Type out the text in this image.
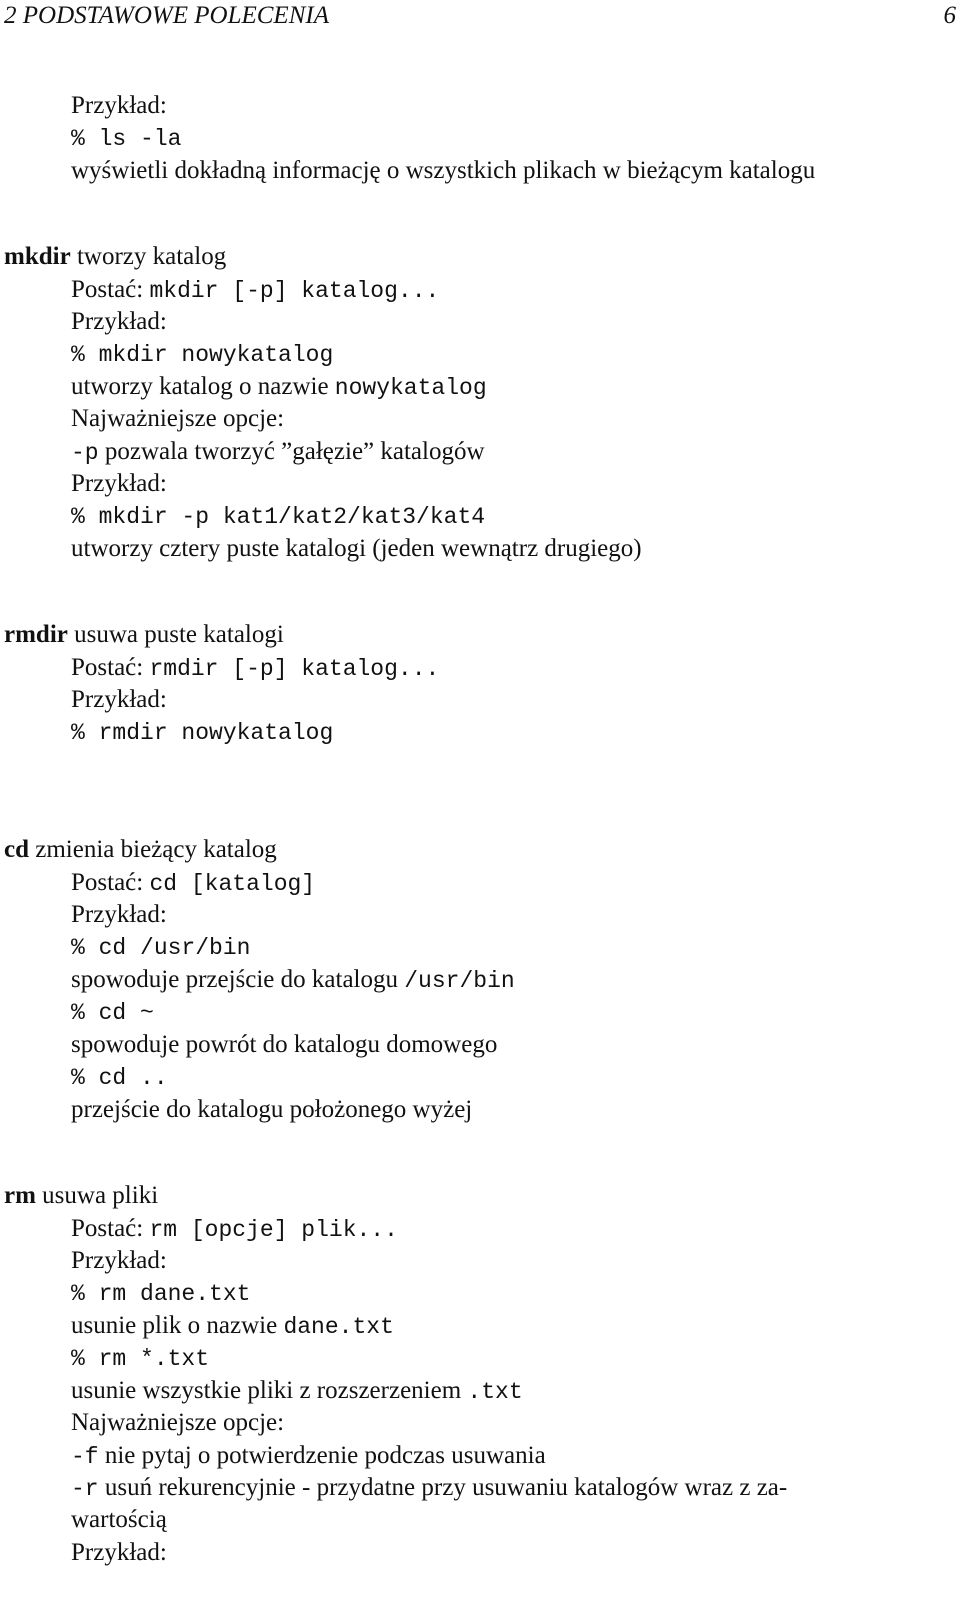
2 PODSTAWOWE POLECENIA	6
Przykład:
% ls -la
wyświetli dokładną informację o wszystkich plikach w bieżącym katalogu
mkdir tworzy katalog
Postać: mkdir [-p] katalog...
Przykład:
% mkdir nowykatalog
utworzy katalog o nazwie nowykatalog
Najważniejsze opcje:
-p pozwala tworzyć ”gałęzie” katalogów
Przykład:
% mkdir -p kat1/kat2/kat3/kat4
utworzy cztery puste katalogi (jeden wewnątrz drugiego)
rmdir usuwa puste katalogi
Postać: rmdir [-p] katalog...
Przykład:
% rmdir nowykatalog
cd zmienia bieżący katalog
Postać: cd [katalog]
Przykład:
% cd /usr/bin
spowoduje przejście do katalogu /usr/bin
% cd ~
spowoduje powrót do katalogu domowego
% cd ..
przejście do katalogu położonego wyżej
rm usuwa pliki
Postać: rm [opcje] plik...
Przykład:
% rm dane.txt
usunie plik o nazwie dane.txt
% rm *.txt
usunie wszystkie pliki z rozszerzeniem .txt
Najważniejsze opcje:
-f nie pytaj o potwierdzenie podczas usuwania
-r usuń rekurencyjnie - przydatne przy usuwaniu katalogów wraz z za-
wartością
Przykład:
